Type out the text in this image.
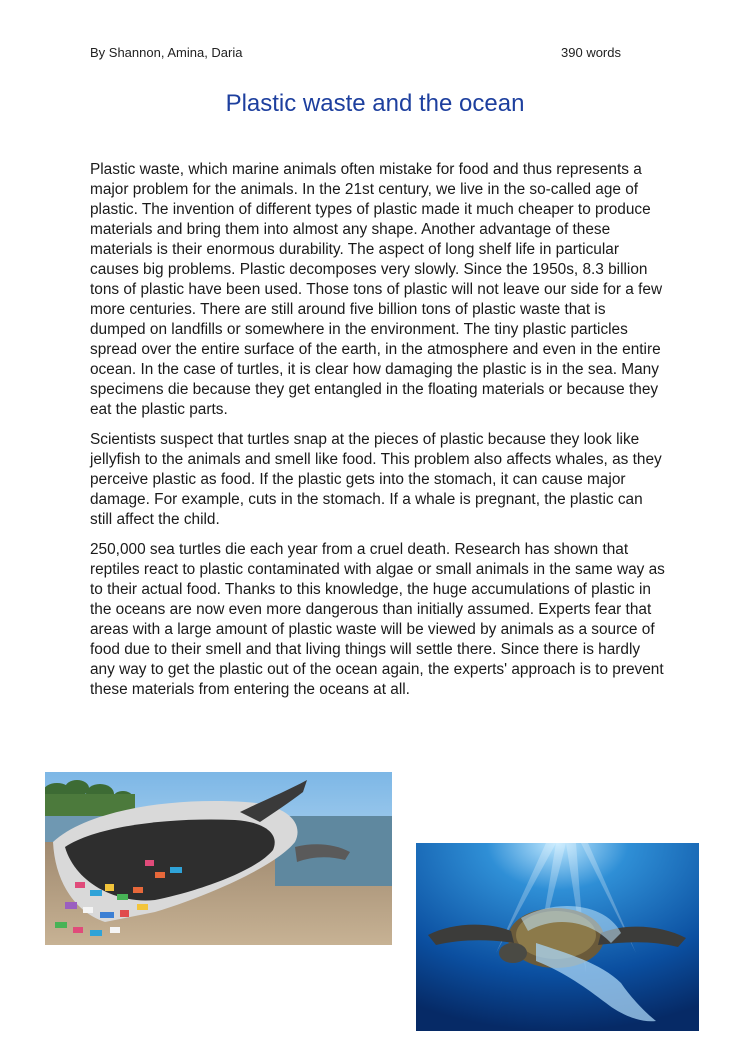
By Shannon, Amina, Daria	390 words
Plastic waste and the ocean

Plastic waste, which marine animals often mistake for food and thus represents a major problem for the animals. In the 21st century, we live in the so-called age of plastic. The invention of different types of plastic made it much cheaper to produce materials and bring them into almost any shape. Another advantage of these materials is their enormous durability. The aspect of long shelf life in particular causes big problems. Plastic decomposes very slowly. Since the 1950s, 8.3 billion tons of plastic have been used. Those tons of plastic will not leave our side for a few more centuries. There are still around five billion tons of plastic waste that is dumped on landfills or somewhere in the environment. The tiny plastic particles spread over the entire surface of the earth, in the atmosphere and even in the entire ocean. In the case of turtles, it is clear how damaging the plastic is in the sea. Many specimens die because they get entangled in the floating materials or because they eat the plastic parts.

Scientists suspect that turtles snap at the pieces of plastic because they look like jellyfish to the animals and smell like food. This problem also affects whales, as they perceive plastic as food. If the plastic gets into the stomach, it can cause major damage. For example, cuts in the stomach. If a whale is pregnant, the plastic can still affect the child.

250,000 sea turtles die each year from a cruel death. Research has shown that reptiles react to plastic contaminated with algae or small animals in the same way as to their actual food. Thanks to this knowledge, the huge accumulations of plastic in the oceans are now even more dangerous than initially assumed. Experts fear that areas with a large amount of plastic waste will be viewed by animals as a source of food due to their smell and that living things will settle there. Since there is hardly any way to get the plastic out of the ocean again, the experts' approach is to prevent these materials from entering the oceans at all.
